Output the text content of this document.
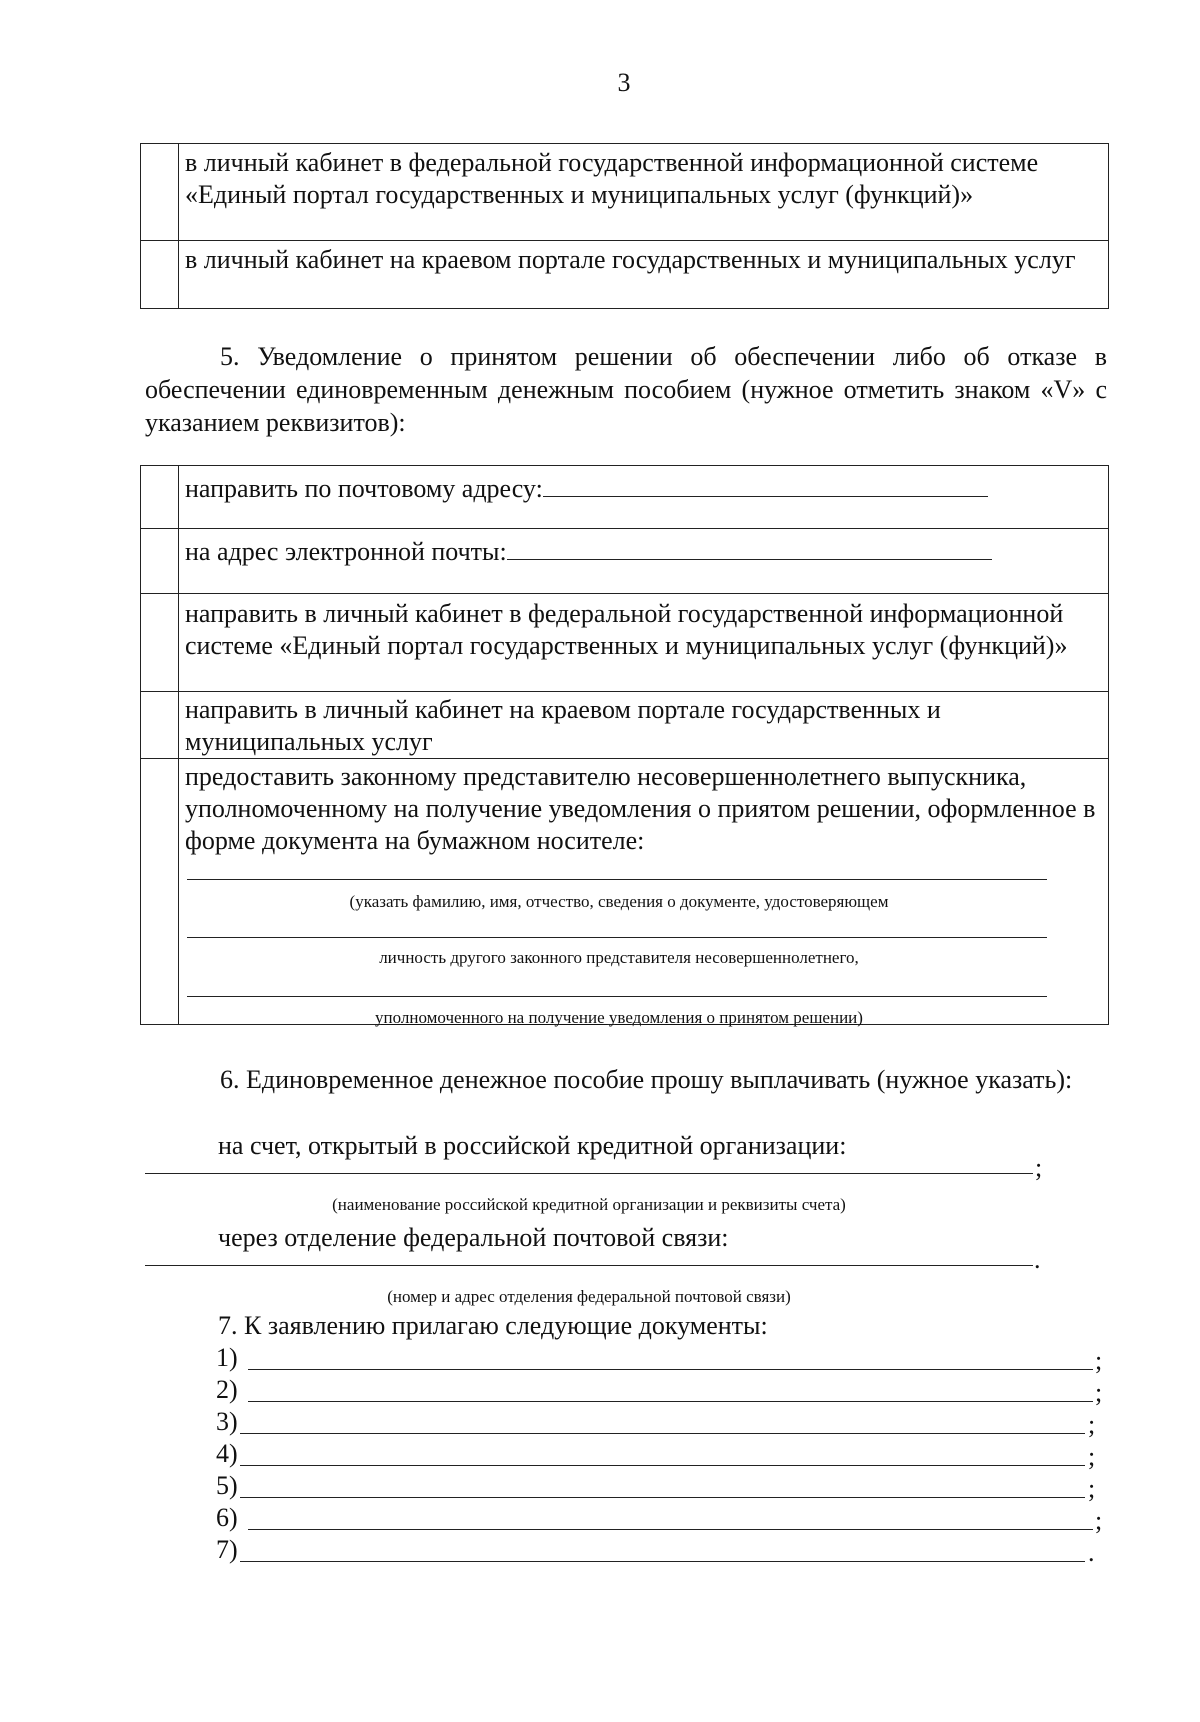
3
	в личный кабинет в федеральной государственной информационной системе «Единый портал государственных и муниципальных услуг (функций)»
	в личный кабинет на краевом портале государственных и муниципальных услуг
5. Уведомление о принятом решении об обеспечении либо об отказе в обеспечении единовременным денежным пособием (нужное отметить знаком «V» с указанием реквизитов):
	направить по почтовому адресу:
	на адрес электронной почты:
	направить в личный кабинет в федеральной государственной информационной системе «Единый портал государственных и муниципальных услуг (функций)»
	направить в личный кабинет на краевом портале государственных и муниципальных услуг

	предоставить законному представителю несовершеннолетнего выпускника, уполномоченному на получение уведомления о приятом решении, оформленное в форме документа на бумажном носителе:
(указать фамилию, имя, отчество, сведения о документе, удостоверяющем
личность другого законного представителя несовершеннолетнего,
уполномоченного на получение уведомления о принятом решении)
6. Единовременное денежное пособие прошу выплачивать (нужное указать):
на счет, открытый в российской кредитной организации:
;
(наименование российской кредитной организации и реквизиты счета)
через отделение федеральной почтовой связи:
.
(номер и адрес отделения федеральной почтовой связи)
7. К заявлению прилагаю следующие документы:
1)	;
2)	;
3)	;
4)	;
5)	;
6)	;
7)	.
